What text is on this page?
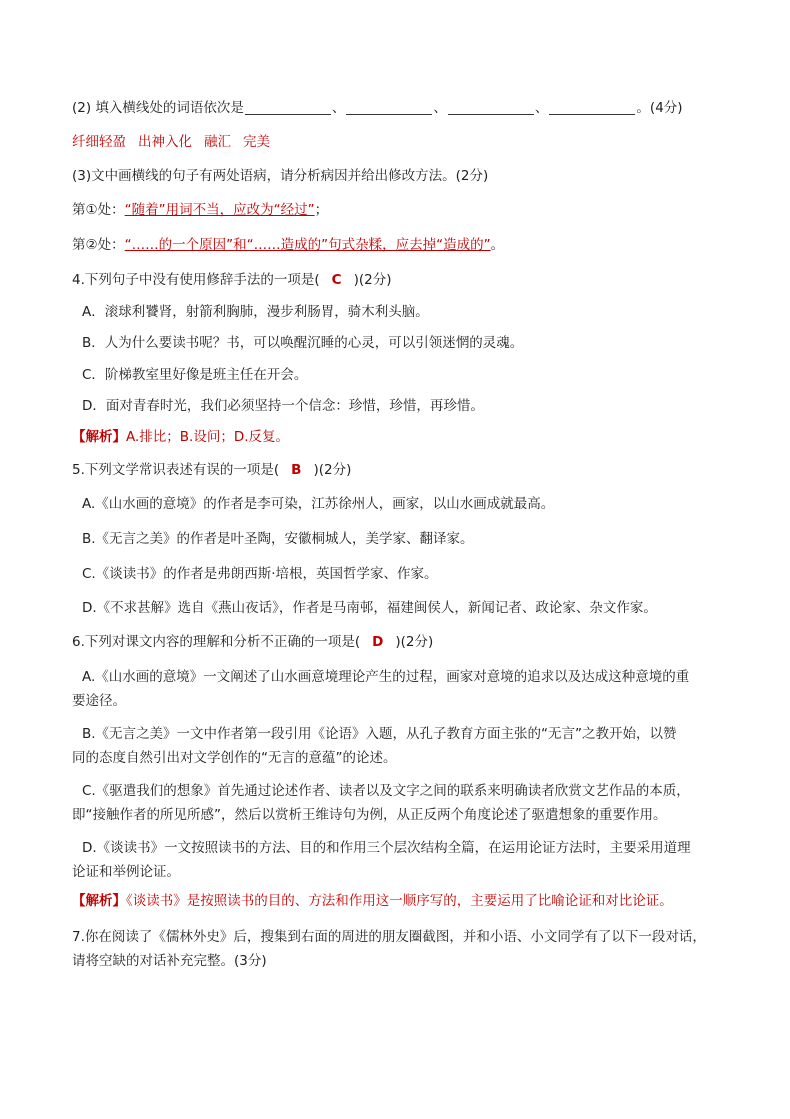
(2) 填入横线处的词语依次是	、	、	、	。(4分)
纤细轻盈 出神入化 融汇 完美
(3)文中画横线的句子有两处语病，请分析病因并给出修改方法。(2分)
第①处：“随着”用词不当，应改为“经过”；
第②处：“……的一个原因”和“……造成的”句式杂糅，应去掉“造成的”。
4.下列句子中没有使用修辞手法的一项是( C )(2分)
A．滚球利饕肾，射箭利胸肺，漫步利肠胃，骑木利头脑。
B．人为什么要读书呢？书，可以唤醒沉睡的心灵，可以引领迷惘的灵魂。
C．阶梯教室里好像是班主任在开会。
D．面对青春时光，我们必须坚持一个信念：珍惜，珍惜，再珍惜。
【解析】A.排比；B.设问；D.反复。
5.下列文学常识表述有误的一项是( B )(2分)
A.《山水画的意境》的作者是李可染，江苏徐州人，画家，以山水画成就最高。
B.《无言之美》的作者是叶圣陶，安徽桐城人，美学家、翻译家。
C.《谈读书》的作者是弗朗西斯·培根，英国哲学家、作家。
D.《不求甚解》选自《燕山夜话》，作者是马南邨，福建闽侯人，新闻记者、政论家、杂文作家。
6.下列对课文内容的理解和分析不正确的一项是( D )(2分)
A.《山水画的意境》一文阐述了山水画意境理论产生的过程，画家对意境的追求以及达成这种意境的重
要途径。
B.《无言之美》一文中作者第一段引用《论语》入题，从孔子教育方面主张的“无言”之教开始，以赞
同的态度自然引出对文学创作的“无言的意蕴”的论述。
C.《驱遣我们的想象》首先通过论述作者、读者以及文字之间的联系来明确读者欣赏文艺作品的本质，
即“接触作者的所见所感”，然后以赏析王维诗句为例，从正反两个角度论述了驱遣想象的重要作用。
D.《谈读书》一文按照读书的方法、目的和作用三个层次结构全篇，在运用论证方法时，主要采用道理
论证和举例论证。
【解析】《谈读书》是按照读书的目的、方法和作用这一顺序写的，主要运用了比喻论证和对比论证。
7.你在阅读了《儒林外史》后，搜集到右面的周进的朋友圈截图，并和小语、小文同学有了以下一段对话，
请将空缺的对话补充完整。(3分)
